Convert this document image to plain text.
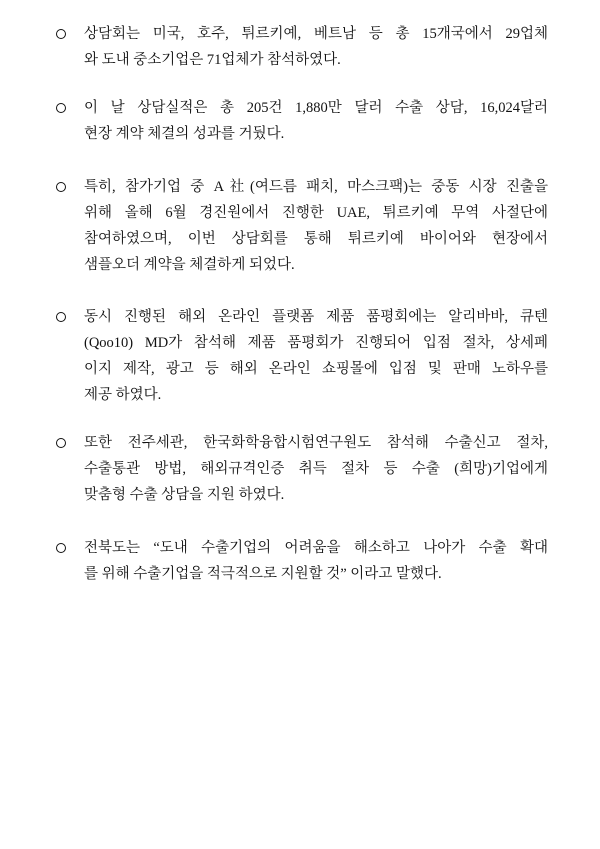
상담회는 미국, 호주, 튀르키예, 베트남 등 총 15개국에서 29업체
와 도내 중소기업은 71업체가 참석하였다.
이 날 상담실적은 총 205건 1,880만 달러 수출 상담, 16,024달러
현장 계약 체결의 성과를 거뒀다.
특히, 참가기업 중 A社(여드름 패치, 마스크팩)는 중동 시장 진출을
위해 올해 6월 경진원에서 진행한 UAE, 튀르키예 무역 사절단에
참여하였으며, 이번 상담회를 통해 튀르키예 바이어와 현장에서
샘플오더 계약을 체결하게 되었다.
동시 진행된 해외 온라인 플랫폼 제품 품평회에는 알리바바, 큐텐
(Qoo10) MD가 참석해 제품 품평회가 진행되어 입점 절차, 상세페
이지 제작, 광고 등 해외 온라인 쇼핑몰에 입점 및 판매 노하우를
제공 하였다.
또한 전주세관, 한국화학융합시험연구원도 참석해 수출신고 절차,
수출통관 방법, 해외규격인증 취득 절차 등 수출 (희망)기업에게
맞춤형 수출 상담을 지원 하였다.
전북도는 “도내 수출기업의 어려움을 해소하고 나아가 수출 확대
를 위해 수출기업을 적극적으로 지원할 것” 이라고 말했다.
